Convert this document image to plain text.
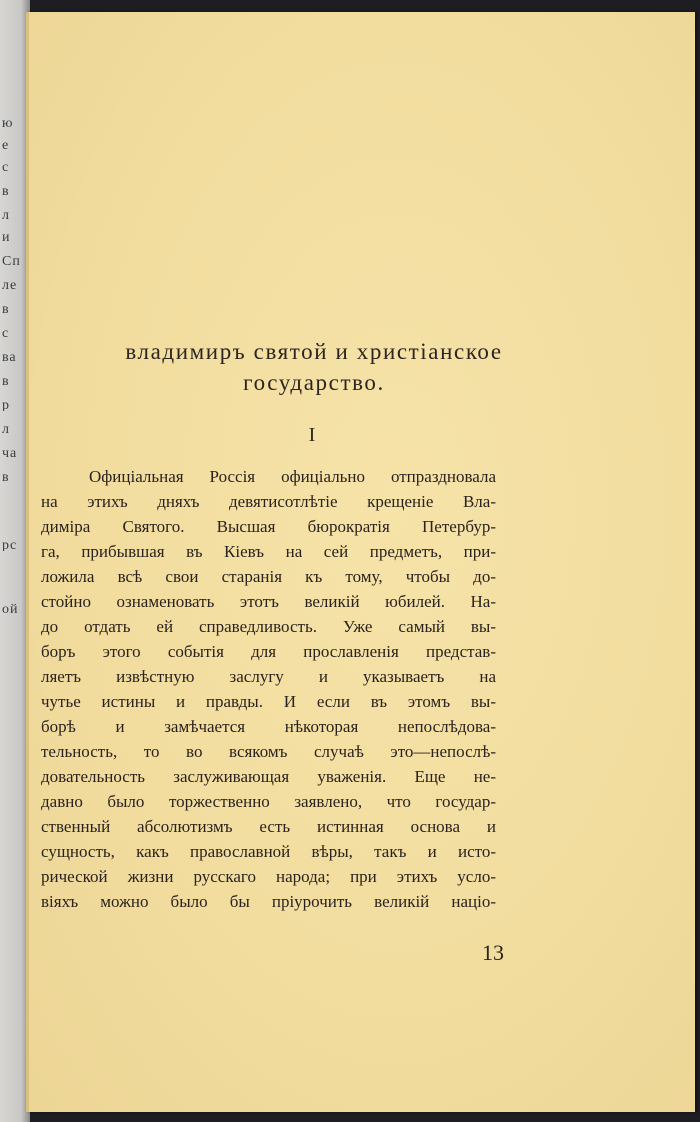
ю
е
с
в
л
и
Сп
ле
в
с
ва
в
р
л
ча
в
рс
ой
владимиръ святой и христіанское
государство.
I
Офиціальная Россія офиціально отпраздновала
на этихъ дняхъ девятисотлѣтіе крещеніе Вла-
диміра Святого. Высшая бюрократія Петербур-
га, прибывшая въ Кіевъ на сей предметъ, при-
ложила всѣ свои старанія къ тому, чтобы до-
стойно ознаменовать этотъ великій юбилей. На-
до отдать ей справедливость. Уже самый вы-
боръ этого событія для прославленія представ-
ляетъ извѣстную заслугу и указываетъ на
чутье истины и правды. И если въ этомъ вы-
борѣ и замѣчается нѣкоторая непослѣдова-
тельность, то во всякомъ случаѣ это—непослѣ-
довательность заслуживающая уваженія. Еще не-
давно было торжественно заявлено, что государ-
ственный абсолютизмъ есть истинная основа и
сущность, какъ православной вѣры, такъ и исто-
рической жизни русскаго народа; при этихъ усло-
віяхъ можно было бы пріурочить великій націо-
13
